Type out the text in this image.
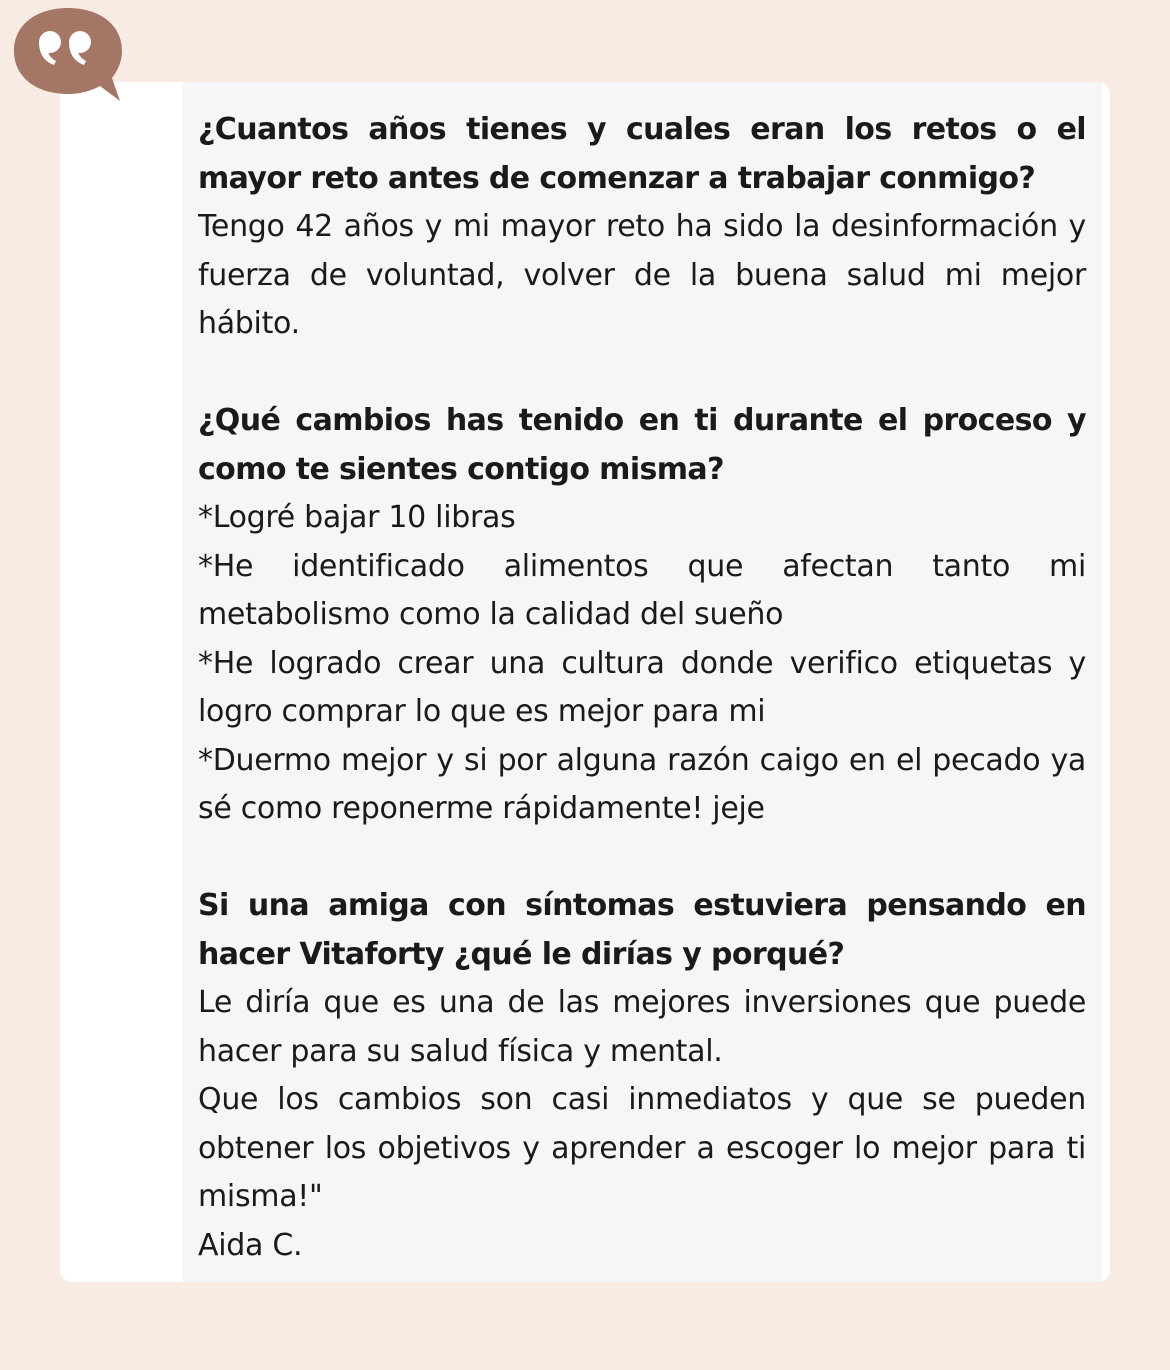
¿Cuantos años tienes y cuales eran los retos o el mayor reto antes de comenzar a trabajar conmigo?

Tengo 42 años y mi mayor reto ha sido la desinformación y fuerza de voluntad, volver de la buena salud mi mejor hábito.

¿Qué cambios has tenido en ti durante el proceso y como te sientes contigo misma?

*Logré bajar 10 libras

*He identificado alimentos que afectan tanto mi metabolismo como la calidad del sueño

*He logrado crear una cultura donde verifico etiquetas y logro comprar lo que es mejor para mi

*Duermo mejor y si por alguna razón caigo en el pecado ya sé como reponerme rápidamente! jeje

Si una amiga con síntomas estuviera pensando en hacer Vitaforty ¿qué le dirías y porqué?

Le diría que es una de las mejores inversiones que puede hacer para su salud física y mental.

Que los cambios son casi inmediatos y que se pueden obtener los objetivos y aprender a escoger lo mejor para ti misma!"

Aida C.
